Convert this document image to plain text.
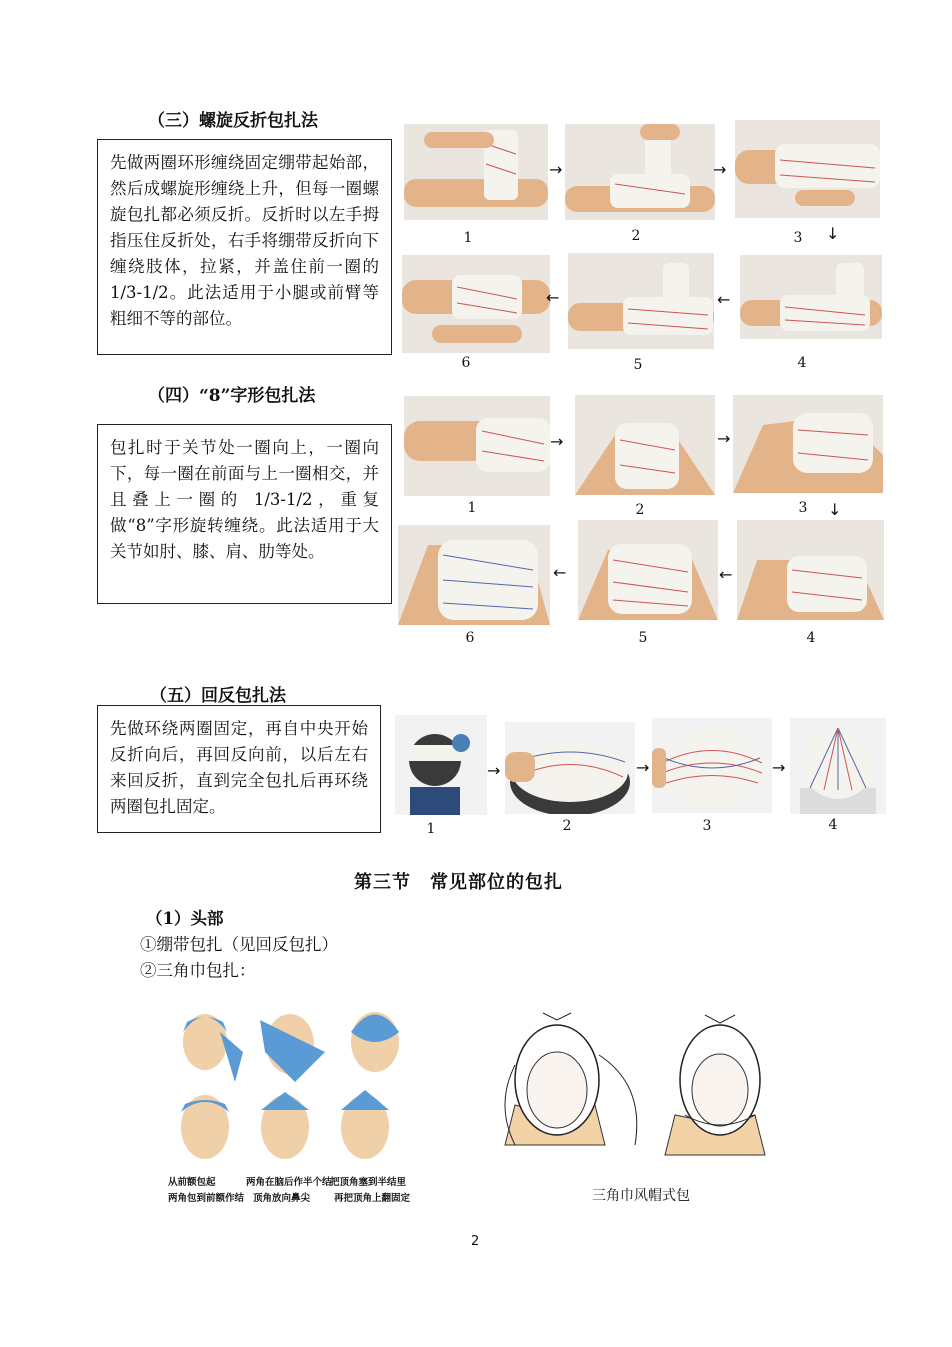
（三）螺旋反折包扎法
先做两圈环形缠绕固定绷带起始部，然后成螺旋形缠绕上升，但每一圈螺旋包扎都必须反折。反折时以左手拇指压住反折处，右手将绷带反折向下缠绕肢体，拉紧，并盖住前一圈的 1/3-1/2。此法适用于小腿或前臂等粗细不等的部位。
1	2	3
4
5
6
→	→
↓
←
←
（四）“8”字形包扎法
包扎时于关节处一圈向上，一圈向下，每一圈在前面与上一圈相交，并且叠上一圈的 1/3-1/2，重复做“8”字形旋转缠绕。此法适用于大关节如肘、膝、肩、肋等处。
1	2	3
4
5
6
→	→
↓
←
←
（五）回反包扎法
先做环绕两圈固定，再自中央开始反折向后，再回反向前，以后左右来回反折，直到完全包扎后再环绕两圈包扎固定。
1	2	3	4
→	→	→
第三节　常见部位的包扎
（1）头部
①绷带包扎（见回反包扎）
②三角巾包扎：
从前额包起	两角在脑后作半个结
把顶角塞到半结里
两角包到前额作结 顶角放向鼻尖	再把顶角上翻固定	三角巾风帽式包
2
